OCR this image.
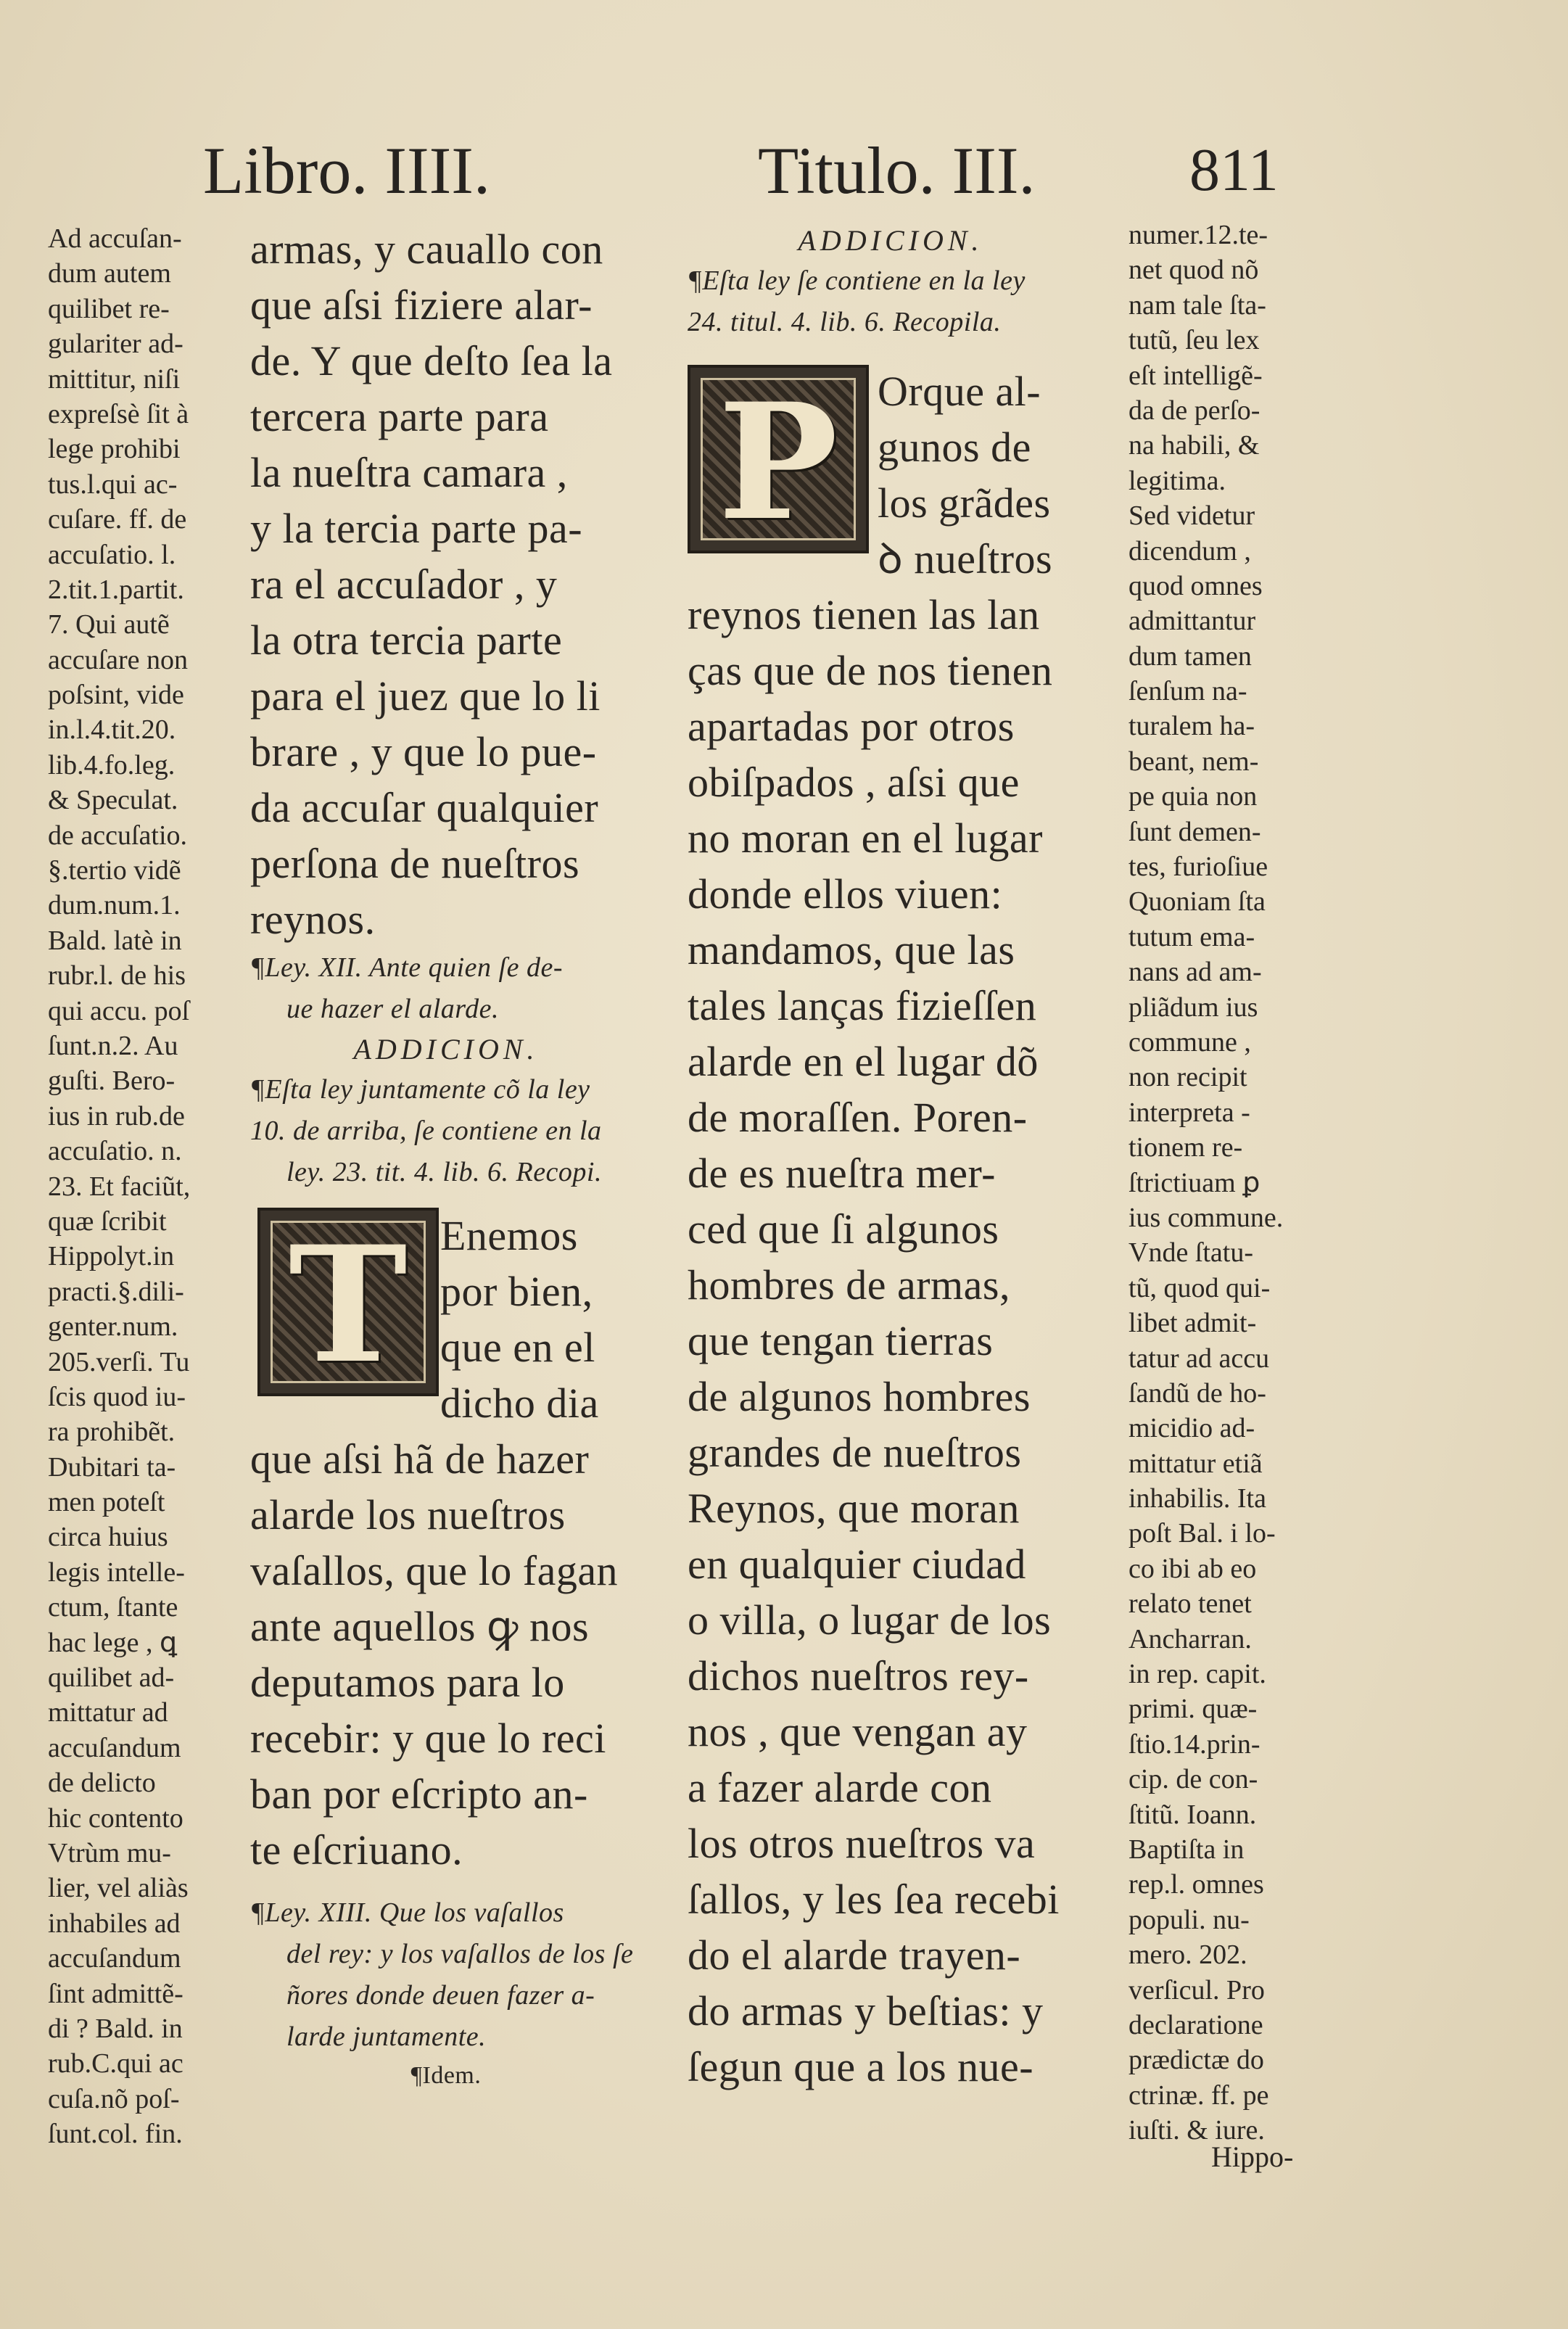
Libro. IIII.	Titulo. III.	811
Ad accuſan-
dum autem
quilibet re-
gulariter ad-
mittitur, niſi
expreſsè ſit à
lege prohibi
tus.l.qui ac-
cuſare. ff. de
accuſatio. l.
2.tit.1.partit.
7. Qui autẽ
accuſare non
poſsint, vide
in.l.4.tit.20.
lib.4.fo.leg.
& Speculat.
de accuſatio.
§.tertio vidẽ
dum.num.1.
Bald. latè in
rubr.l. de his
qui accu. poſ
ſunt.n.2. Au
guſti. Bero-
ius in rub.de
accuſatio. n.
23. Et faciũt,
quæ ſcribit
Hippolyt.in
practi.§.dili-
genter.num.
205.verſi. Tu
ſcis quod iu-
ra prohibẽt.
Dubitari ta-
men poteſt
circa huius
legis intelle-
ctum, ſtante
hac lege , ꝗ
quilibet ad-
mittatur ad
accuſandum
de delicto
hic contento
Vtrùm mu-
lier, vel aliàs
inhabiles ad
accuſandum
ſint admittẽ-
di ? Bald. in
rub.C.qui ac
cuſa.nõ poſ-
ſunt.col. fin.
armas, y cauallo con
que aſsi fiziere alar-
de. Y que deſto ſea la
tercera parte para
la nueſtra camara ,
y la tercia parte pa-
ra el accuſador , y
la otra tercia parte
para el juez que lo li
brare , y que lo pue-
da accuſar qualquier
perſona de nueſtros
reynos.
¶Ley. XII. Ante quien ſe de-
ue hazer el alarde.
ADDICION.
¶Eſta ley juntamente cõ la ley
10. de arriba, ſe contiene en la
ley. 23. tit. 4. lib. 6. Recopi.
T Enemos
por bien,
que en el
dicho dia
que aſsi hã de hazer
alarde los nueſtros
vaſallos, que lo fagan
ante aquellos ꝙ nos
deputamos para lo
recebir: y que lo reci
ban por eſcripto an-
te eſcriuano.
¶Ley. XIII. Que los vaſallos
del rey: y los vaſallos de los ſe
ñores donde deuen fazer a-
larde juntamente.
¶Idem.
ADDICION.
¶Eſta ley ſe contiene en la ley
24. titul. 4. lib. 6. Recopila.
P Orque al-
gunos de
los grãdes
ꝺ nueſtros
reynos tienen las lan
ças que de nos tienen
apartadas por otros
obiſpados , aſsi que
no moran en el lugar
donde ellos viuen:
mandamos, que las
tales lanças fizieſſen
alarde en el lugar dõ
de moraſſen. Poren-
de es nueſtra mer-
ced que ſi algunos
hombres de armas,
que tengan tierras
de algunos hombres
grandes de nueſtros
Reynos, que moran
en qualquier ciudad
o villa, o lugar de los
dichos nueſtros rey-
nos , que vengan ay
a fazer alarde con
los otros nueſtros va
ſallos, y les ſea recebi
do el alarde trayen-
do armas y beſtias: y
ſegun que a los nue-
numer.12.te-
net quod nõ
nam tale ſta-
tutũ, ſeu lex
eſt intelligẽ-
da de perſo-
na habili, &
legitima.
Sed videtur
dicendum ,
quod omnes
admittantur
dum tamen
ſenſum na-
turalem ha-
beant, nem-
pe quia non
ſunt demen-
tes, furioſiue
Quoniam ſta
tutum ema-
nans ad am-
pliãdum ius
commune ,
non recipit
interpreta -
tionem re-
ſtrictiuam ꝑ
ius commune.
Vnde ſtatu-
tũ, quod qui-
libet admit-
tatur ad accu
ſandũ de ho-
micidio ad-
mittatur etiã
inhabilis. Ita
poſt Bal. i lo-
co ibi ab eo
relato tenet
Ancharran.
in rep. capit.
primi. quæ-
ſtio.14.prin-
cip. de con-
ſtitũ. Ioann.
Baptiſta in
rep.l. omnes
populi. nu-
mero. 202.
verſicul. Pro
declaratione
prædictæ do
ctrinæ. ff. pe
iuſti. & iure.
Hippo-
